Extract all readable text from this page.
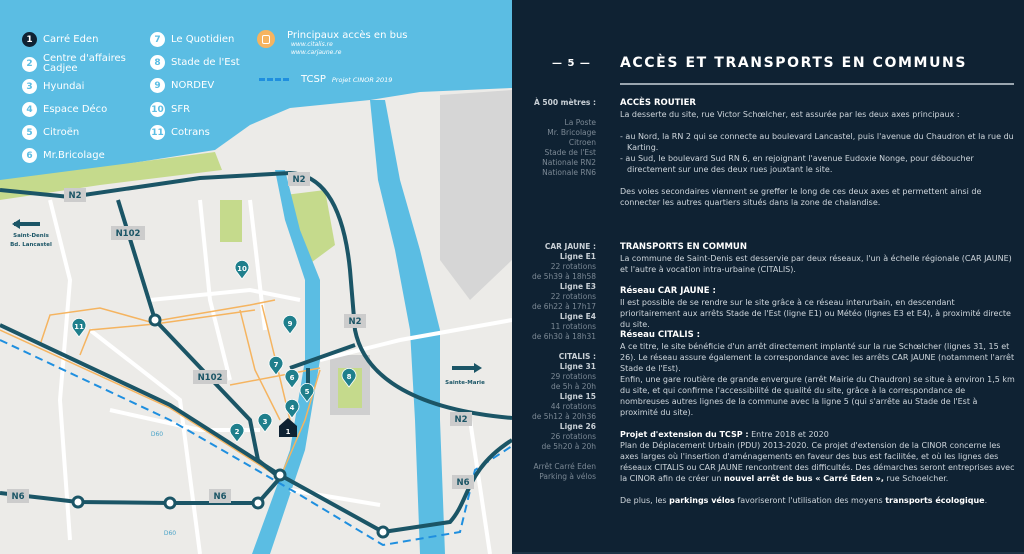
N2
N2
N2
N2
N102
N102
N6	N6
N6
D60
D60
Saint-Denis
Bd. Lancastel
Sainte-Marie
1
2
3
4
5
6
7
8
9
10
11
1	Carré Eden
2	Centre d'affaires Cadjee
3	Hyundai
4	Espace Déco
5	Citroën
6	Mr.Bricolage
7	Le Quotidien
8	Stade de l'Est
9	NORDEV
10 SFR
11 Cotrans
Principaux accès en bus
www.citalis.re
www.carjaune.re
TCSP Projet CINOR 2019
— 5 — ACCÈS ET TRANSPORTS EN COMMUNS
À 500 mètres :
La Poste
Mr. Bricolage
Citroen
Stade de l'Est
Nationale RN2
Nationale RN6
ACCÈS ROUTIER

La desserte du site, rue Victor Schœlcher, est assurée par les deux axes principaux :

- au Nord, la RN 2 qui se connecte au boulevard Lancastel, puis l'avenue du Chaudron et la rue du Karting.

- au Sud, le boulevard Sud RN 6, en rejoignant l'avenue Eudoxie Nonge, pour déboucher directement sur une des deux rues jouxtant le site.

Des voies secondaires viennent se greffer le long de ces deux axes et permettent ainsi de connecter les autres quartiers situés dans la zone de chalandise.

CAR JAUNE :
Ligne E1
22 rotations
de 5h39 à 18h58
Ligne E3
22 rotations
de 6h22 à 17h17
Ligne E4
11 rotations
de 6h30 à 18h31

CITALIS :
Ligne 31
29 rotations
de 5h à 20h
Ligne 15
44 rotations
de 5h12 à 20h36
Ligne 26
26 rotations
de 5h20 à 20h

Arrêt Carré Eden
Parking à vélos
TRANSPORTS EN COMMUN

La commune de Saint-Denis est desservie par deux réseaux, l'un à échelle régionale (CAR JAUNE) et l'autre à vocation intra-urbaine (CITALIS).

Réseau CAR JAUNE :

Il est possible de se rendre sur le site grâce à ce réseau interurbain, en descendant prioritairement aux arrêts Stade de l'Est (ligne E1) ou Météo (lignes E3 et E4), à proximité directe du site.

Réseau CITALIS :

A ce titre, le site bénéficie d'un arrêt directement implanté sur la rue Schœlcher (lignes 31, 15 et 26). Le réseau assure également la correspondance avec les arrêts CAR JAUNE (notamment l'arrêt Stade de l'Est).

Enfin, une gare routière de grande envergure (arrêt Mairie du Chaudron) se situe à environ 1,5 km du site, et qui confirme l'accessibilité de qualité du site, grâce à la correspondance de nombreuses autres lignes de la commune avec la ligne 5 (qui s'arrête au Stade de l'Est à proximité du site).

Projet d'extension du TCSP : Entre 2018 et 2020

Plan de Déplacement Urbain (PDU) 2013-2020. Ce projet d'extension de la CINOR concerne les axes larges où l'insertion d'aménagements en faveur des bus est facilitée, et où les lignes des réseaux CITALIS ou CAR JAUNE rencontrent des difficultés. Des démarches seront entreprises avec la CINOR afin de créer un nouvel arrêt de bus « Carré Eden », rue Schoelcher.

De plus, les parkings vélos favoriseront l'utilisation des moyens transports écologique.
